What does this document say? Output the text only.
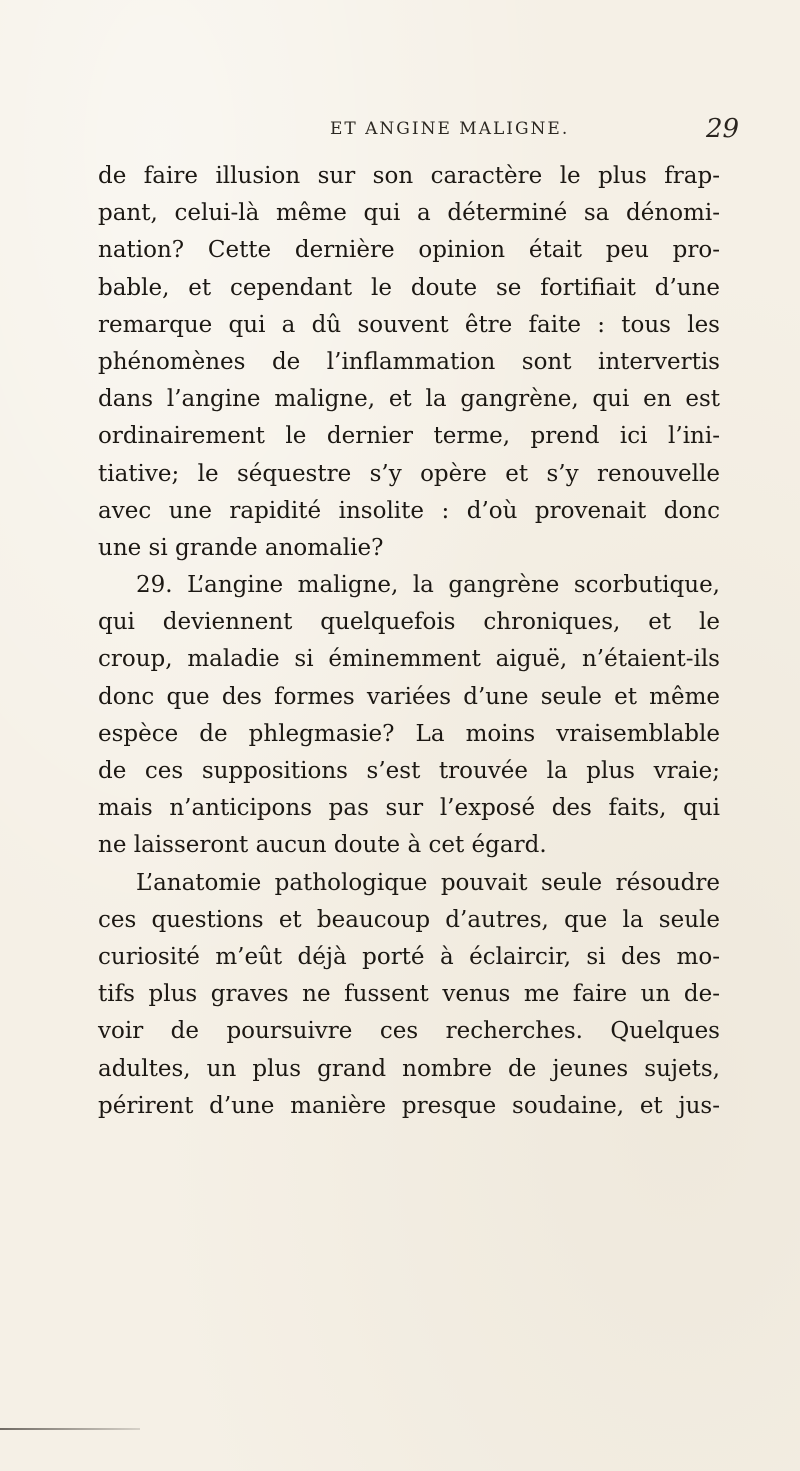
ET ANGINE MALIGNE.	29
de faire illusion sur son caractère le plus frap-
pant, celui-là même qui a déterminé sa dénomi-
nation? Cette dernière opinion était peu pro-
bable, et cependant le doute se fortifiait d’une
remarque qui a dû souvent être faite : tous les
phénomènes de l’inflammation sont intervertis
dans l’angine maligne, et la gangrène, qui en est
ordinairement le dernier terme, prend ici l’ini-
tiative; le séquestre s’y opère et s’y renouvelle
avec une rapidité insolite : d’où provenait donc
une si grande anomalie?
29. L’angine maligne, la gangrène scorbutique,
qui deviennent quelquefois chroniques, et le
croup, maladie si éminemment aiguë, n’étaient-ils
donc que des formes variées d’une seule et même
espèce de phlegmasie? La moins vraisemblable
de ces suppositions s’est trouvée la plus vraie;
mais n’anticipons pas sur l’exposé des faits, qui
ne laisseront aucun doute à cet égard.
L’anatomie pathologique pouvait seule résoudre
ces questions et beaucoup d’autres, que la seule
curiosité m’eût déjà porté à éclaircir, si des mo-
tifs plus graves ne fussent venus me faire un de-
voir de poursuivre ces recherches. Quelques
adultes, un plus grand nombre de jeunes sujets,
périrent d’une manière presque soudaine, et jus-
